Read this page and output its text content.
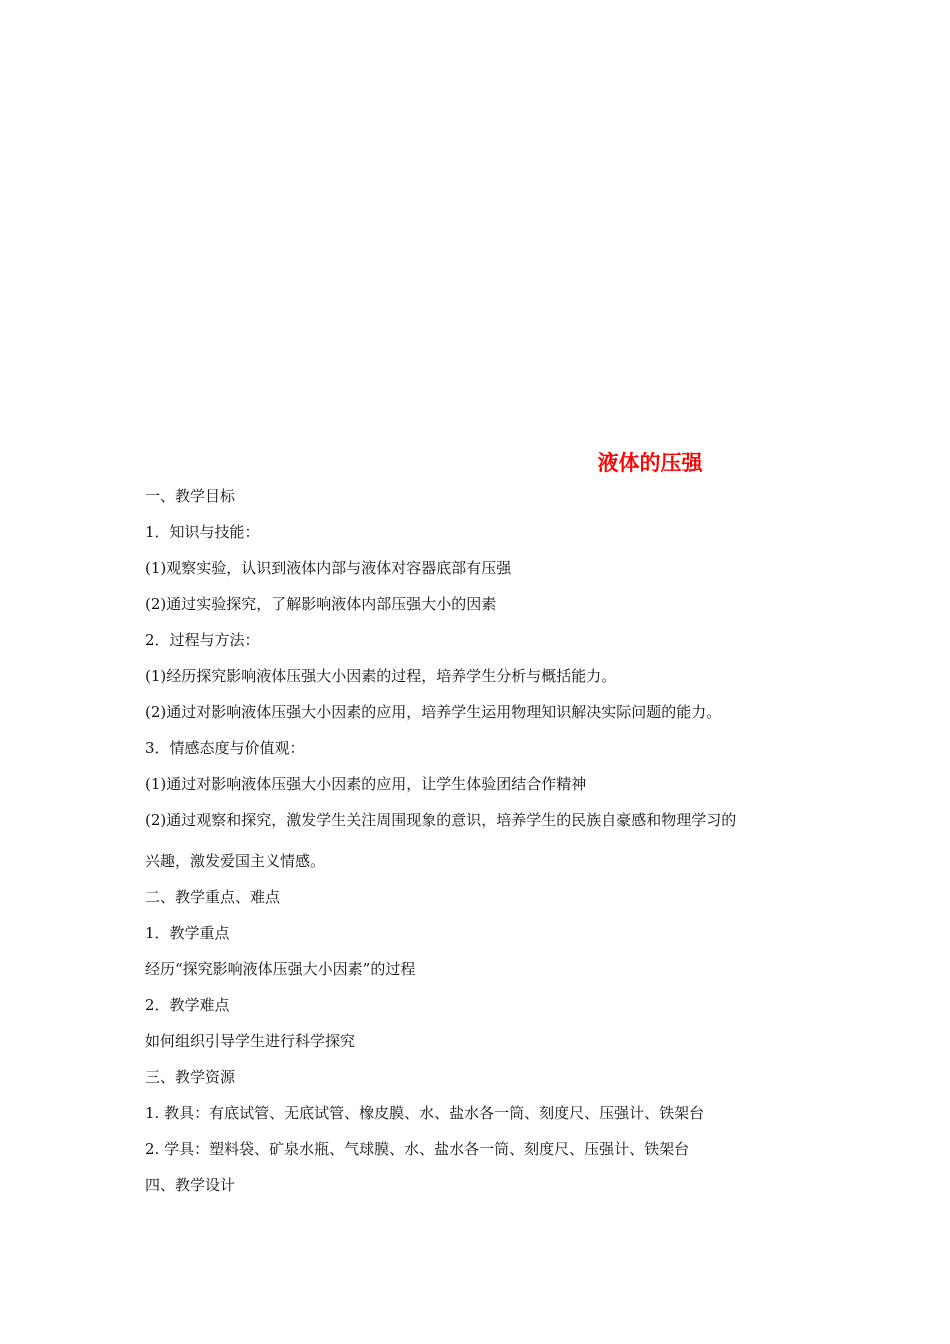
液体的压强
一、教学目标
1．知识与技能：
(1)观察实验，认识到液体内部与液体对容器底部有压强
(2)通过实验探究，了解影响液体内部压强大小的因素
2．过程与方法：
(1)经历探究影响液体压强大小因素的过程，培养学生分析与概括能力。
(2)通过对影响液体压强大小因素的应用，培养学生运用物理知识解决实际问题的能力。
3．情感态度与价值观：
(1)通过对影响液体压强大小因素的应用，让学生体验团结合作精神
(2)通过观察和探究，激发学生关注周围现象的意识，培养学生的民族自豪感和物理学习的
兴趣，激发爱国主义情感。
二、教学重点、难点
1．教学重点
经历“探究影响液体压强大小因素”的过程
2．教学难点
如何组织引导学生进行科学探究
三、教学资源
1. 教具：有底试管、无底试管、橡皮膜、水、盐水各一筒、刻度尺、压强计、铁架台
2. 学具：塑料袋、矿泉水瓶、气球膜、水、盐水各一筒、刻度尺、压强计、铁架台
四、教学设计
